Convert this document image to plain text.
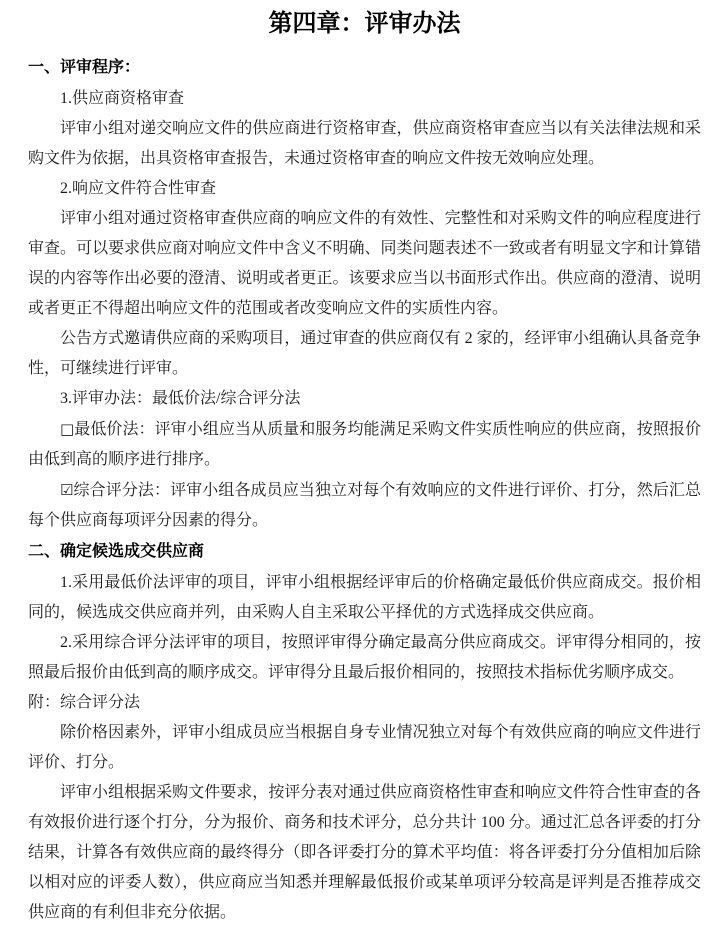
第四章：评审办法

一、评审程序：

1.供应商资格审查

评审小组对递交响应文件的供应商进行资格审查，供应商资格审查应当以有关法律法规和采购文件为依据，出具资格审查报告，未通过资格审查的响应文件按无效响应处理。

2.响应文件符合性审查

评审小组对通过资格审查供应商的响应文件的有效性、完整性和对采购文件的响应程度进行审查。可以要求供应商对响应文件中含义不明确、同类问题表述不一致或者有明显文字和计算错误的内容等作出必要的澄清、说明或者更正。该要求应当以书面形式作出。供应商的澄清、说明或者更正不得超出响应文件的范围或者改变响应文件的实质性内容。

公告方式邀请供应商的采购项目，通过审查的供应商仅有 2 家的，经评审小组确认具备竞争性，可继续进行评审。

3.评审办法：最低价法/综合评分法

□最低价法：评审小组应当从质量和服务均能满足采购文件实质性响应的供应商，按照报价由低到高的顺序进行排序。

☑综合评分法：评审小组各成员应当独立对每个有效响应的文件进行评价、打分，然后汇总每个供应商每项评分因素的得分。

二、确定候选成交供应商

1.采用最低价法评审的项目，评审小组根据经评审后的价格确定最低价供应商成交。报价相同的，候选成交供应商并列，由采购人自主采取公平择优的方式选择成交供应商。

2.采用综合评分法评审的项目，按照评审得分确定最高分供应商成交。评审得分相同的，按照最后报价由低到高的顺序成交。评审得分且最后报价相同的，按照技术指标优劣顺序成交。

附：综合评分法

除价格因素外，评审小组成员应当根据自身专业情况独立对每个有效供应商的响应文件进行评价、打分。

评审小组根据采购文件要求，按评分表对通过供应商资格性审查和响应文件符合性审查的各有效报价进行逐个打分，分为报价、商务和技术评分，总分共计 100 分。通过汇总各评委的打分结果，计算各有效供应商的最终得分（即各评委打分的算术平均值：将各评委打分分值相加后除以相对应的评委人数），供应商应当知悉并理解最低报价或某单项评分较高是评判是否推荐成交供应商的有利但非充分依据。
